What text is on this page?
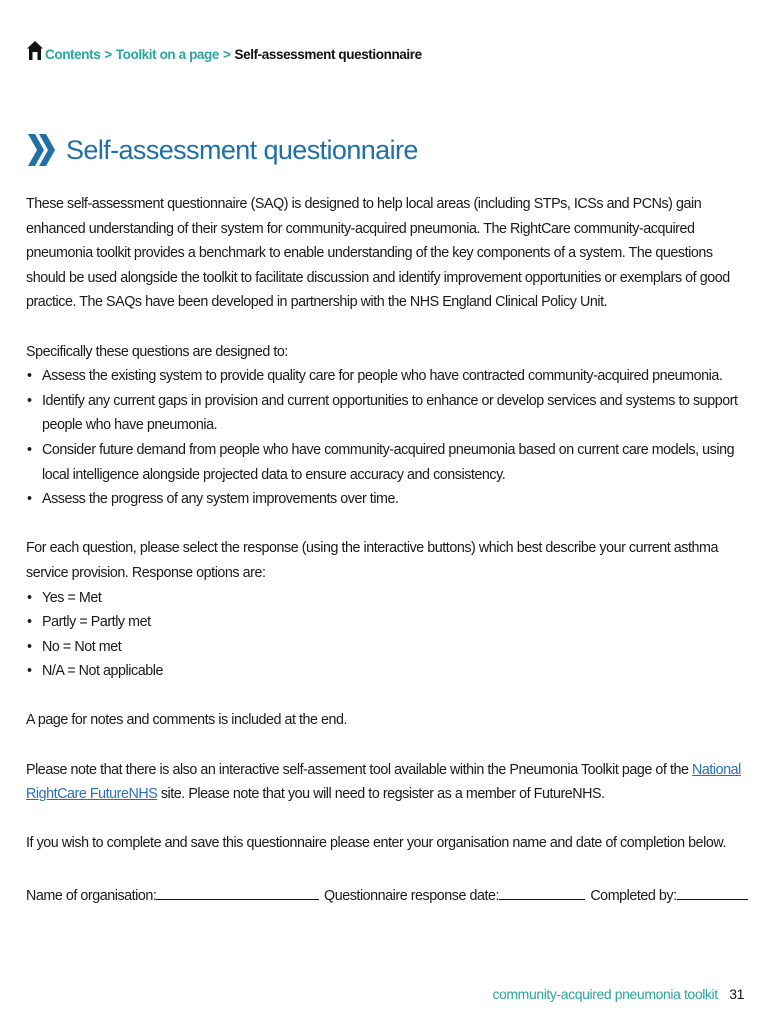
Contents > Toolkit on a page > Self-assessment questionnaire
Self-assessment questionnaire

These self-assessment questionnaire (SAQ) is designed to help local areas (including STPs, ICSs and PCNs) gain enhanced understanding of their system for community-acquired pneumonia. The RightCare community-acquired pneumonia toolkit provides a benchmark to enable understanding of the key components of a system. The questions should be used alongside the toolkit to facilitate discussion and identify improvement opportunities or exemplars of good practice. The SAQs have been developed in partnership with the NHS England Clinical Policy Unit.

Specifically these questions are designed to:

• Assess the existing system to provide quality care for people who have contracted community-acquired pneumonia.
• Identify any current gaps in provision and current opportunities to enhance or develop services and systems to support people who have pneumonia.
• Consider future demand from people who have community-acquired pneumonia based on current care models, using local intelligence alongside projected data to ensure accuracy and consistency.
• Assess the progress of any system improvements over time.

For each question, please select the response (using the interactive buttons) which best describe your current asthma service provision. Response options are:

• Yes = Met
• Partly = Partly met
• No = Not met
• N/A = Not applicable

A page for notes and comments is included at the end.

Please note that there is also an interactive self-assement tool available within the Pneumonia Toolkit page of the National RightCare FutureNHS site. Please note that you will need to regsister as a member of FutureNHS.

If you wish to complete and save this questionnaire please enter your organisation name and date of completion below.

Name of organisation:	Questionnaire response date:	Completed by:
community-acquired pneumonia toolkit 31
